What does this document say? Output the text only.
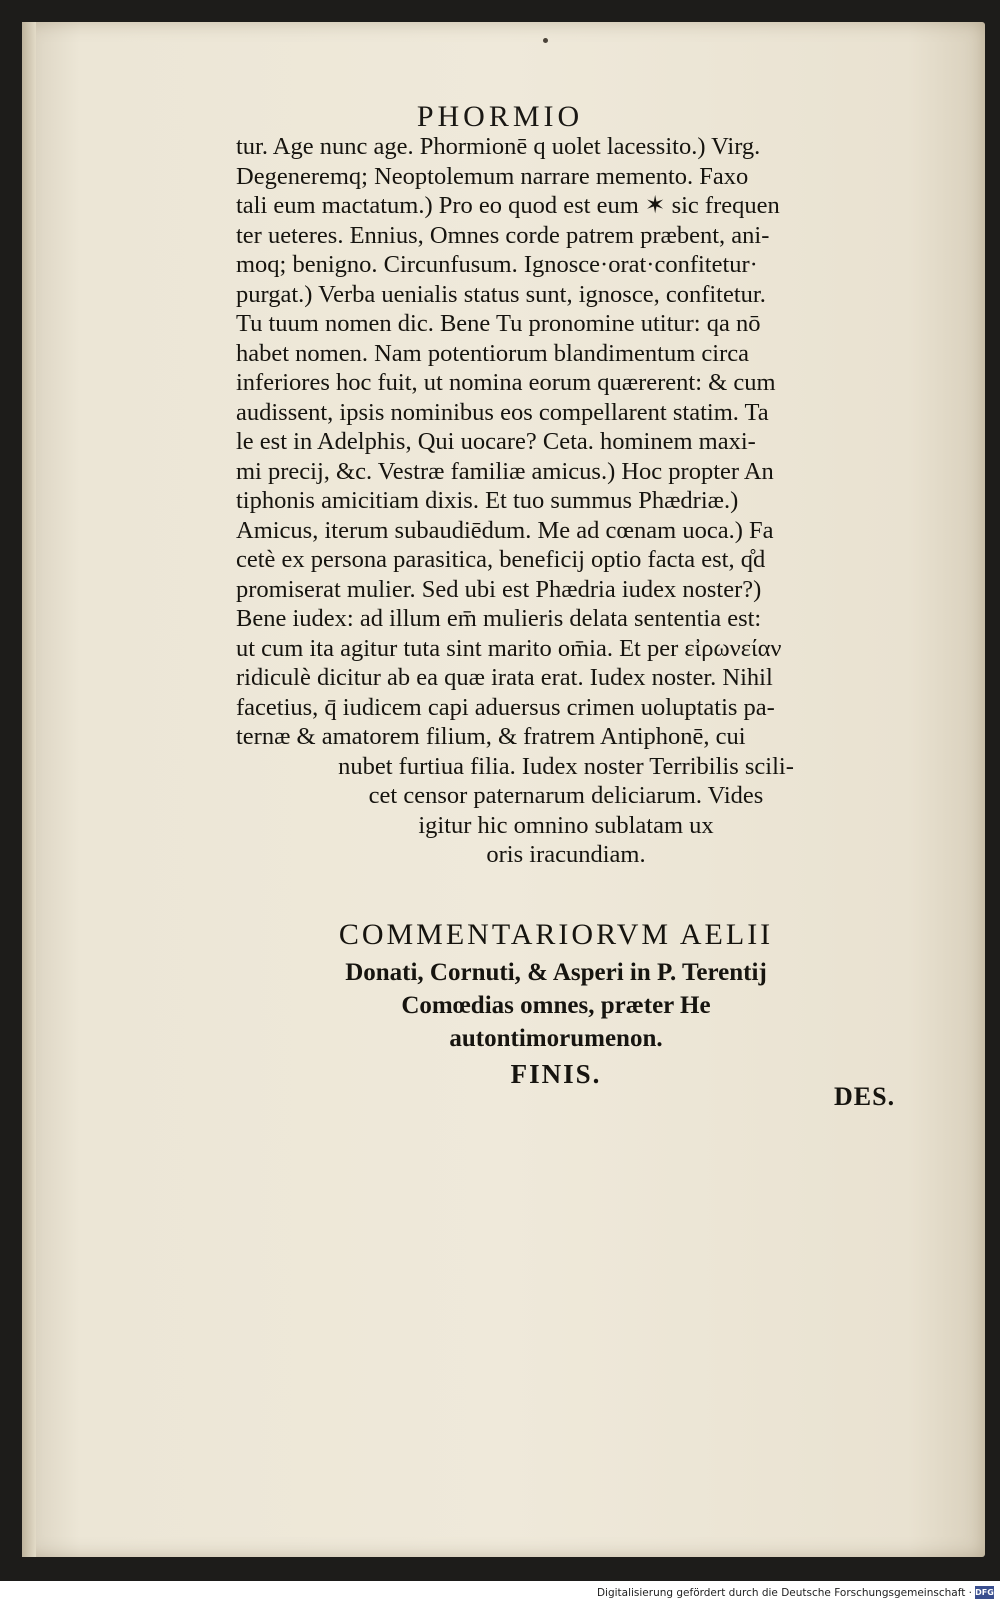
PHORMIO
tur. Age nunc age. Phormionē q uolet lacessito.) Virg.
Degeneremq; Neoptolemum narrare memento. Faxo
tali eum mactatum.) Pro eo quod est eum ✶ sic frequen
ter ueteres. Ennius, Omnes corde patrem præbent, ani-
moq; benigno. Circunfusum. Ignosce·orat·confitetur·
purgat.) Verba uenialis status sunt, ignosce, confitetur.
Tu tuum nomen dic. Bene Tu pronomine utitur: qa nō
habet nomen. Nam potentiorum blandimentum circa
inferiores hoc fuit, ut nomina eorum quærerent: & cum
audissent, ipsis nominibus eos compellarent statim. Ta
le est in Adelphis, Qui uocare? Ceta. hominem maxi-
mi precij, &c. Vestræ familiæ amicus.) Hoc propter An
tiphonis amicitiam dixis. Et tuo summus Phædriæ.)
Amicus, iterum subaudiēdum. Me ad cœnam uoca.) Fa
cetè ex persona parasitica, beneficij optio facta est, q̊d
promiserat mulier. Sed ubi est Phædria iudex noster?)
Bene iudex: ad illum em̄ mulieris delata sententia est:
ut cum ita agitur tuta sint marito om̄ia. Et per εἰρωνείαν
ridiculè dicitur ab ea quæ irata erat. Iudex noster. Nihil
facetius, q̄ iudicem capi aduersus crimen uoluptatis pa-
ternæ & amatorem filium, & fratrem Antiphonē, cui
nubet furtiua filia. Iudex noster Terribilis scili-
cet censor paternarum deliciarum. Vides
igitur hic omnino sublatam ux
oris iracundiam.
COMMENTARIORVM AELII
Donati, Cornuti, & Asperi in P. Terentij
Comœdias omnes, præter He
autontimorumenon.
FINIS.
DES.
Digitalisierung gefördert durch die Deutsche Forschungsgemeinschaft · DFG
